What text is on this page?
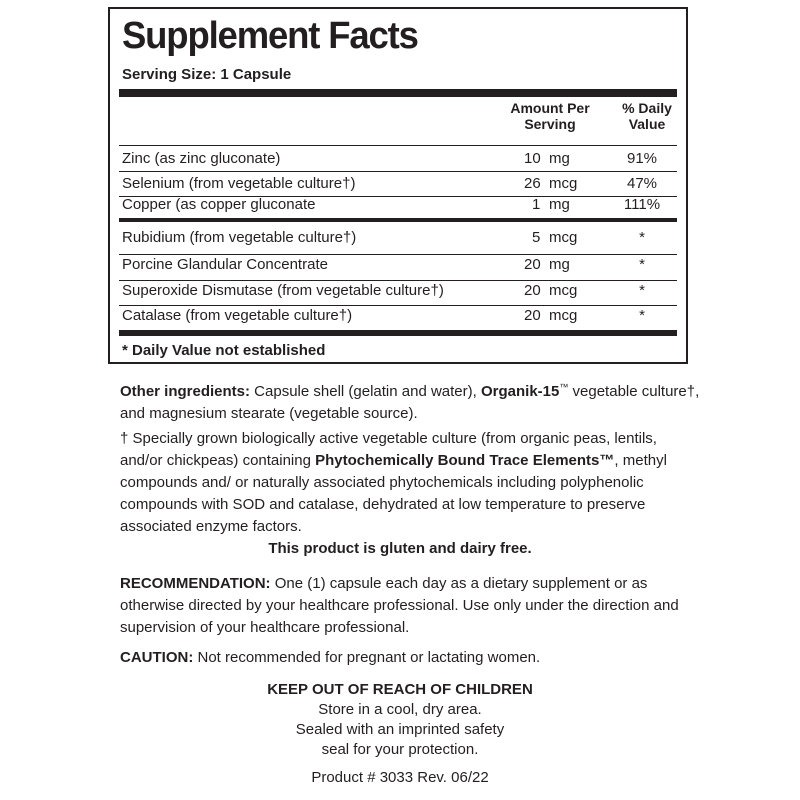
Supplement Facts
Serving Size: 1 Capsule
Amount Per Serving
% Daily Value
Zinc (as zinc gluconate)	10 mg	91%
Selenium (from vegetable culture†)	26 mcg	47%
Copper (as copper gluconate	1 mg	111%
Rubidium (from vegetable culture†)	5 mcg	*
Porcine Glandular Concentrate	20 mg	*
Superoxide Dismutase (from vegetable culture†)	20 mcg	*
Catalase (from vegetable culture†)	20 mcg	*
* Daily Value not established
Other ingredients: Capsule shell (gelatin and water), Organik-15™ vegetable culture†, and magnesium stearate (vegetable source).
† Specially grown biologically active vegetable culture (from organic peas, lentils, and/or chickpeas) containing Phytochemically Bound Trace Elements™, methyl compounds and/ or naturally associated phytochemicals including polyphenolic compounds with SOD and catalase, dehydrated at low temperature to preserve associated enzyme factors.
This product is gluten and dairy free.
RECOMMENDATION: One (1) capsule each day as a dietary supplement or as otherwise directed by your healthcare professional. Use only under the direction and supervision of your healthcare professional.
CAUTION: Not recommended for pregnant or lactating women.
KEEP OUT OF REACH OF CHILDREN
Store in a cool, dry area.
Sealed with an imprinted safety
seal for your protection.
Product # 3033 Rev. 06/22
